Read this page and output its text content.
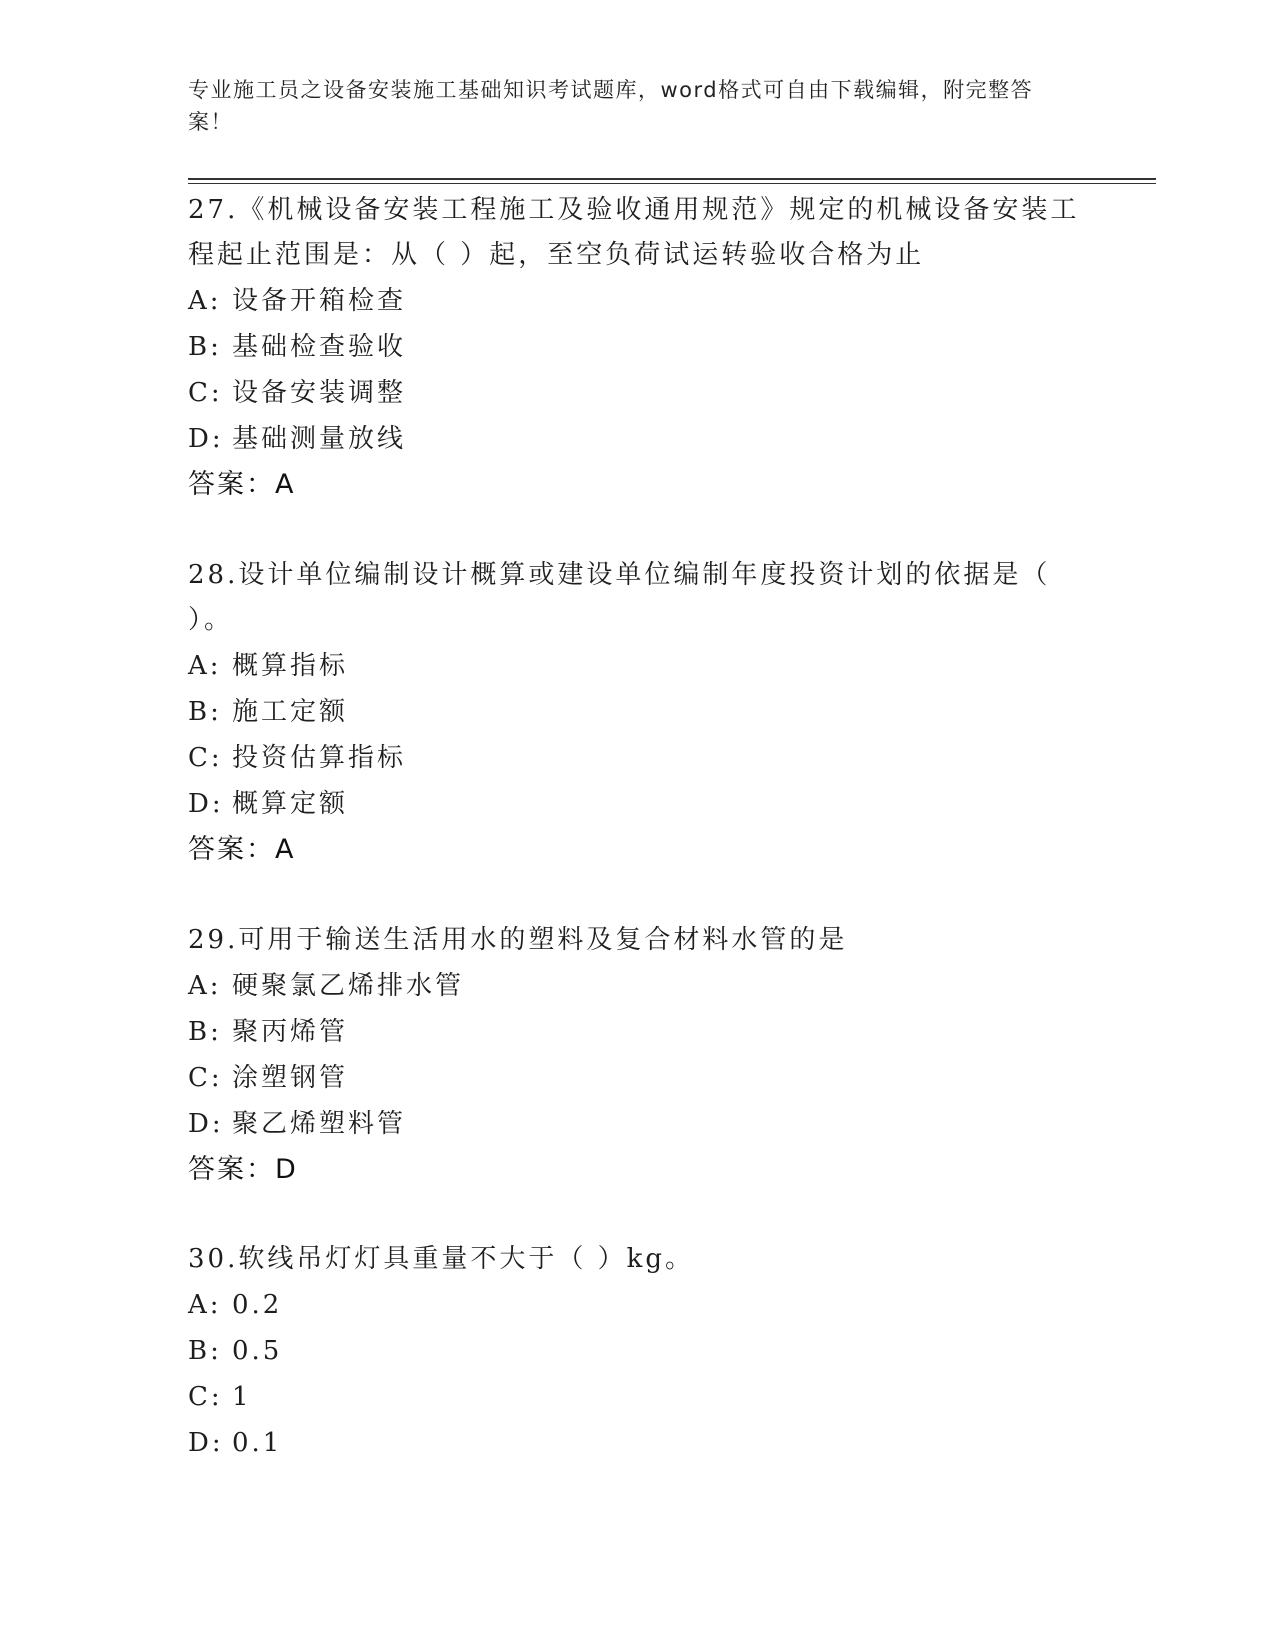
专业施工员之设备安装施工基础知识考试题库，word格式可自由下载编辑，附完整答案！
27.《机械设备安装工程施工及验收通用规范》规定的机械设备安装工程起止范围是：从（ ）起，至空负荷试运转验收合格为止
A: 设备开箱检查
B: 基础检查验收
C: 设备安装调整
D: 基础测量放线
答案：A
28.设计单位编制设计概算或建设单位编制年度投资计划的依据是（ ）。
A: 概算指标
B: 施工定额
C: 投资估算指标
D: 概算定额
答案：A
29.可用于输送生活用水的塑料及复合材料水管的是
A: 硬聚氯乙烯排水管
B: 聚丙烯管
C: 涂塑钢管
D: 聚乙烯塑料管
答案：D
30.软线吊灯灯具重量不大于（ ）kg。
A: 0.2
B: 0.5
C: 1
D: 0.1
